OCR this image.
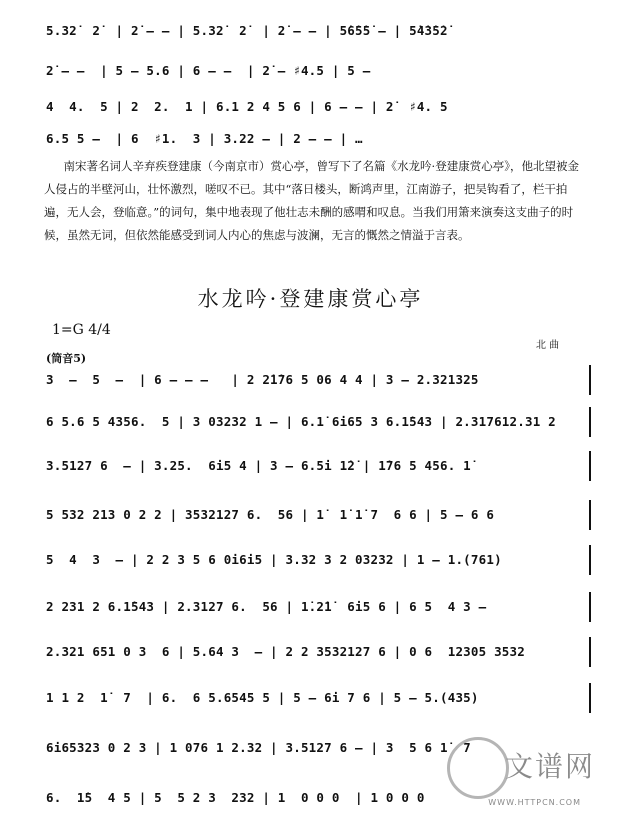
5.32̇  2̇  | 2̇ — — | 5.32̇  2̇  | 2̇ — — | 5̇6̇5̇5̇ — | 5̇4̇3̇5̇2̇
2̇ — —  | 5 — 5.6 | 6 — —  | 2̇ — ♯4.5 | 5 —
4  4.  5 | 2  2.  1 | 6.1 2 4 5 6 | 6 — — | 2̇  ♯4. 5
6.5 5 —  | 6  ♯1.  3 | 3.22 — | 2 — — | …

南宋著名词人辛弃疾登建康（今南京市）赏心亭，曾写下了名篇《水龙吟·登建康赏心亭》，他北望被金人侵占的半壁河山，壮怀激烈，嗟叹不已。其中“落日楼头，断鸿声里，江南游子，把吴钩看了，栏干拍遍，无人会，登临意。”的词句，集中地表现了他壮志未酬的感喟和叹息。当我们用箫来演奏这支曲子的时候，虽然无词，但依然能感受到词人内心的焦虑与波澜，无言的慨然之情溢于言表。

水龙吟·登建康赏心亭
1=G 4/4
(筒音5)
北 曲
3  —  5  —  | 6 — — —   | 2 2̇1̇76 5 06 4 4 | 3 — 2.321325
6 5.6 5 4356.  5 | 3 03232 1 — | 6.1̇ 6i65 3 6.1̇543 | 2.317612.31 2
3.5127 6  — | 3.25.  6i5 4 | 3 — 6.5i 1̇2̇ | 1̇76 5 456. 1̇
5 532 213 0 2 2 | 3532127 6.  56 | 1̇  1̇ 1̇ 7  6 6 | 5 — 6 6
5  4  3  — | 2 2 3 5 6 0i6i5 | 3.32 3 2 03232 | 1 — 1.(761)
2 231 2 6.1̇543 | 2.3127 6.  56 | 1̇.2̇1̇  6i5 6 | 6 5  4 3 —
2.321 651 0 3  6 | 5.64 3  — | 2 2 3532127 6 | 0 6  12305 3532
1 1 2  1̇  7  | 6.  6 5.6545 5 | 5 — 6i 7 6 | 5 — 5.(435)
6i65323 0 2 3 | 1 076 1 2.32 | 3.5127 6 — | 3  5 6 1̇  7
6.  1̇5  4 5 | 5  5 2 3  232 | 1  0 0 0  | 1 0 0 0
文谱网
WWW.HTTPCN.COM
